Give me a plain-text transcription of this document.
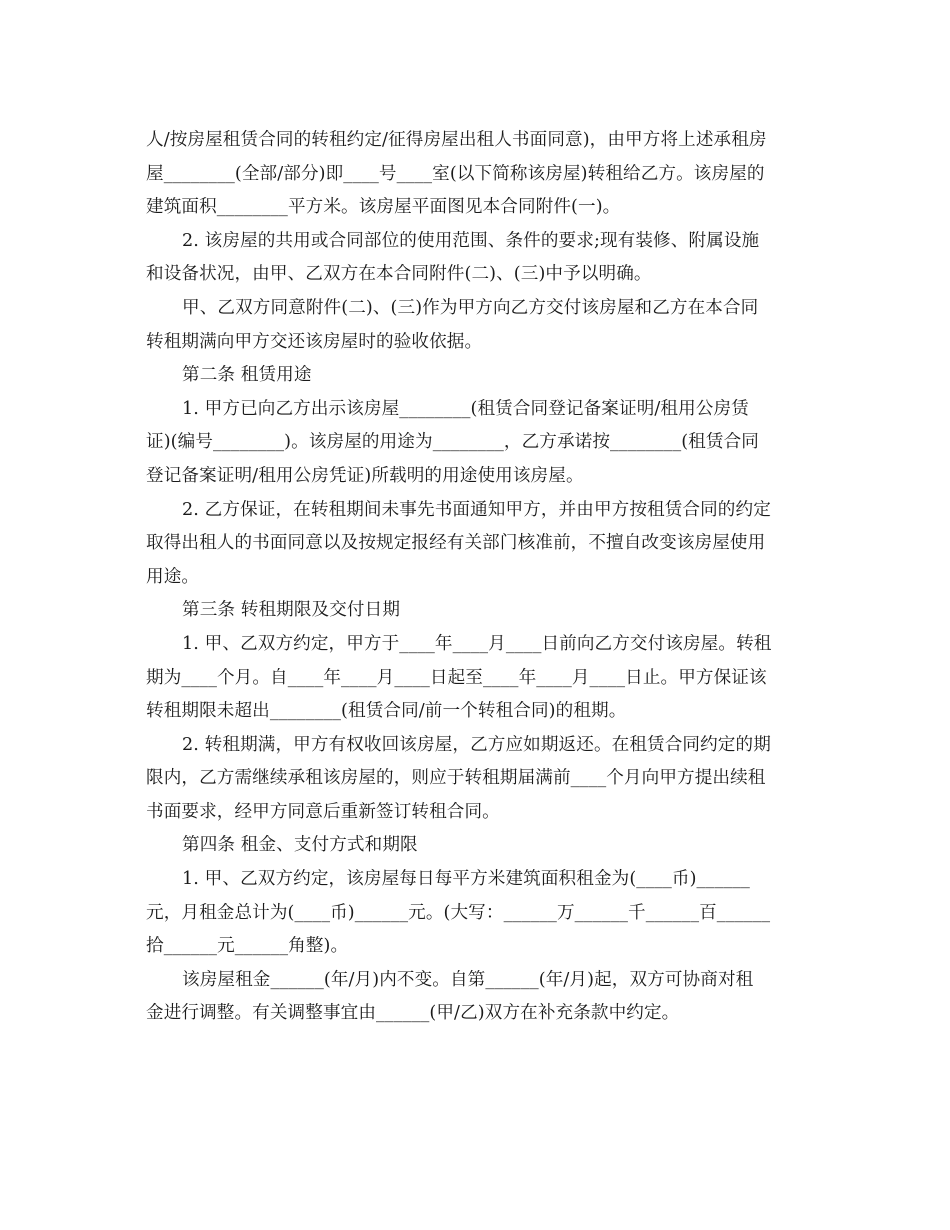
人/按房屋租赁合同的转租约定/征得房屋出租人书面同意)，由甲方将上述承租房
屋________(全部/部分)即____号____室(以下简称该房屋)转租给乙方。该房屋的
建筑面积________平方米。该房屋平面图见本合同附件(一)。
2. 该房屋的共用或合同部位的使用范围、条件的要求;现有装修、附属设施
和设备状况，由甲、乙双方在本合同附件(二)、(三)中予以明确。
甲、乙双方同意附件(二)、(三)作为甲方向乙方交付该房屋和乙方在本合同
转租期满向甲方交还该房屋时的验收依据。
第二条 租赁用途
1. 甲方已向乙方出示该房屋________(租赁合同登记备案证明/租用公房赁
证)(编号________)。该房屋的用途为________，乙方承诺按________(租赁合同
登记备案证明/租用公房凭证)所载明的用途使用该房屋。
2. 乙方保证，在转租期间未事先书面通知甲方，并由甲方按租赁合同的约定
取得出租人的书面同意以及按规定报经有关部门核准前，不擅自改变该房屋使用
用途。
第三条 转租期限及交付日期
1. 甲、乙双方约定，甲方于____年____月____日前向乙方交付该房屋。转租
期为____个月。自____年____月____日起至____年____月____日止。甲方保证该
转租期限未超出________(租赁合同/前一个转租合同)的租期。
2. 转租期满，甲方有权收回该房屋，乙方应如期返还。在租赁合同约定的期
限内，乙方需继续承租该房屋的，则应于转租期届满前____个月向甲方提出续租
书面要求，经甲方同意后重新签订转租合同。
第四条 租金、支付方式和期限
1. 甲、乙双方约定，该房屋每日每平方米建筑面积租金为(____币)______
元，月租金总计为(____币)______元。(大写：______万______千______百______
拾______元______角整)。
该房屋租金______(年/月)内不变。自第______(年/月)起，双方可协商对租
金进行调整。有关调整事宜由______(甲/乙)双方在补充条款中约定。
